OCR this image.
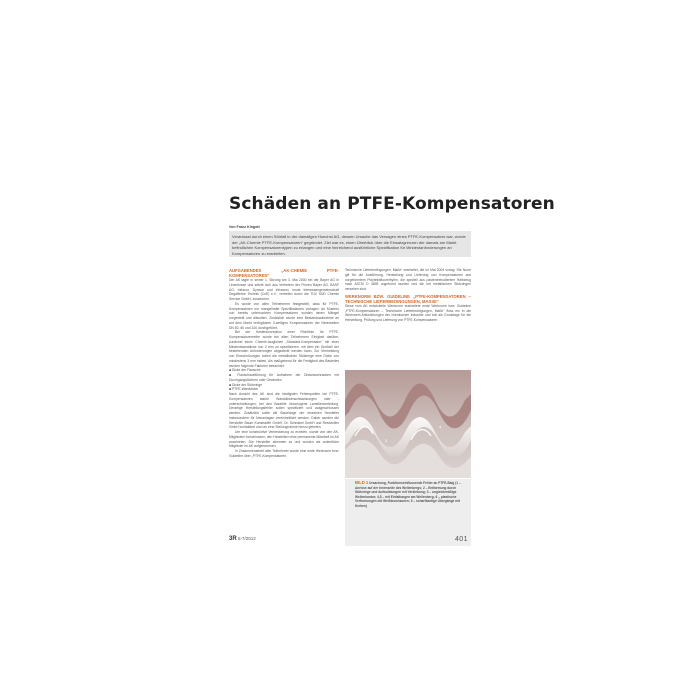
Schäden an PTFE-Kompensatoren
Von Franz Kingott
Veranlasst durch einen Störfall in der damaligen Hoechst AG, dessen Ursache das Versagen eines PTFE-Kompensators war, wurde der „AK-Chemie PTFE-Kompensatoren“ gegründet. Ziel war es, einen Überblick über die Einsatzgrenzen der damals am Markt befindlichen Kompensatorentypen zu erlangen und eine hinreichend ausführliche Spezifikation für Mindestanforderungen an Kompensatoren zu erarbeiten.

AUFGABENDES „AK-CHEMIE PTFE-KOMPENSATOREN“

Der AK tagte in seiner 1. Sitzung am 3. Mai 2000 bei der Bayer AG in Leverkusen und setzte sich aus Vertretern der Firmen Bayer AG, BASF AG, Infracor, Dyneon und Infraserv, heute Interessengemeinschaft Degaflexhe Technik (CoE) e.V., vertreten durch die TÜV SÜD Chemie Service GmbH, zusammen.

Es wurde von allen Teilnehmern festgestellt, dass für PTFE-Kompensatoren nur mangelhafte Spezifikationen vorlagen. An Mustern von bereits untersuchten Kompensatoren wurden deren Mängel vorgestellt und diskutiert. Zusätzlich wurde eine Bestandsaufnahme an auf dem Markt verfügbaren 3-welligen Kompensatoren der Nennweiten DN 50, 80 und 100 durchgeführt.

Bei der Kesterkonzeption einer Richtlinie für PTFE-Kompensatorenreihe wurde bei allen Teilnehmern Einigkeit darüber, zunächst einen Chemie-tauglichen „Standard-Kompensator“ mit einer Mindestwanddicke von 2 mm zu spezifizieren, mit dem ein Großteil der bestehenden Anforderungen abgedeckt werden kann. Zur Vermeidung von Einschnürungen sollen die metallischen Stützringe eine Dicke von mindestens 3 mm haben. Als maßgebend für die Festigkeit des Bauteiles wurden folgende Faktoren betrachtet:

■ Dicke der Flansche

■ Flanschausführung für Aufnahme der Distanzschrauben mit Durchgangslöchern oder Gewinden

■ Dicke der Stützringe

■ PTFE-Wanddicke

Nach Ansicht des AK sind die häufigsten Fehlerquellen bei PTFE-Kompensatoren starke Wanddickenschwankungen oder -unterschreitungen, bei den Bauteile inhomogene Lamellenverteilung. Derartige Herstellungsfehler sollen spezifiziert und ausgeschlossen werden. Zusätzlich sollte die Bauelänge der einzelnen Hersteller insbesondere für Neuanlagen vereinheitlicht werden. Daher wurden die Hersteller Baum Kunststoffe GmbH, Dr. Schnabel GmbH und Resistoflex GmbH kontaktiert und um eine Stellungnahme hierzu gebeten.

Um eine konstruktive Verbesserung zu erzielen, wurde von den AK-Mitgliedern beschlossen, den Herstellern eine permanente Mitarbeit im AK anzubieten. Die Hersteller stimmten zu und wurden als ordentliche Mitglieder im AK aufgenommen.

In Zusammenarbeit aller Teilnehmer wurde eine erste Werknorm bzw. Guideline über „PTFE-Kompensatoren,

Technische Lieferbedingungen, Maße“ erarbeitet, die im Mai 2004 vorlag. Die Norm gilt für die Ausführung, Herstellung und Lieferung von Kompensatoren aus vorgeformtem Polytetrafluorethylen, die speziell aus pastenextrudiertem Halbzeug nach ASTM D 4895 ungeformt wurden und die mit metallischen Stützringen versehen sind.

WERKNORM BZW. GUIDELINE „PTFE-KOMPENSATOREN – TECHNISCHE LIEFERBEDINGUNGEN, MASSE“

Diese vom AK entwickelte Werknorm erarbeitete erste Werknorm bzw. Guideline „PTFE-Kompensatoren – Technische Lieferbedingungen, Maße“ floss ein in die Werknorm-Anforderungen der chemischen Industrie und soll als Grundlage für die Herstellung, Prüfung und Lieferung von PTFE-Kompensatoren

3
4
5
BILD 1 Ursachung, Funktionseinflussende Fehler an PTFE-Balg (1 – Anrisse auf der Innenseite des Wellenbergs; 2 – Entformung durch Stützringe und Aufwulstungen mit Verklebung; 3 – ungleichmäßige Wellenkontur; 4,5 – mit Einfaltungen am Wellenberg; 6 – plastische Verformungen mit Weißbruchzonen; 5 – scharfkantige Übergänge mit Kerben)
3R 6-7/2012	401
